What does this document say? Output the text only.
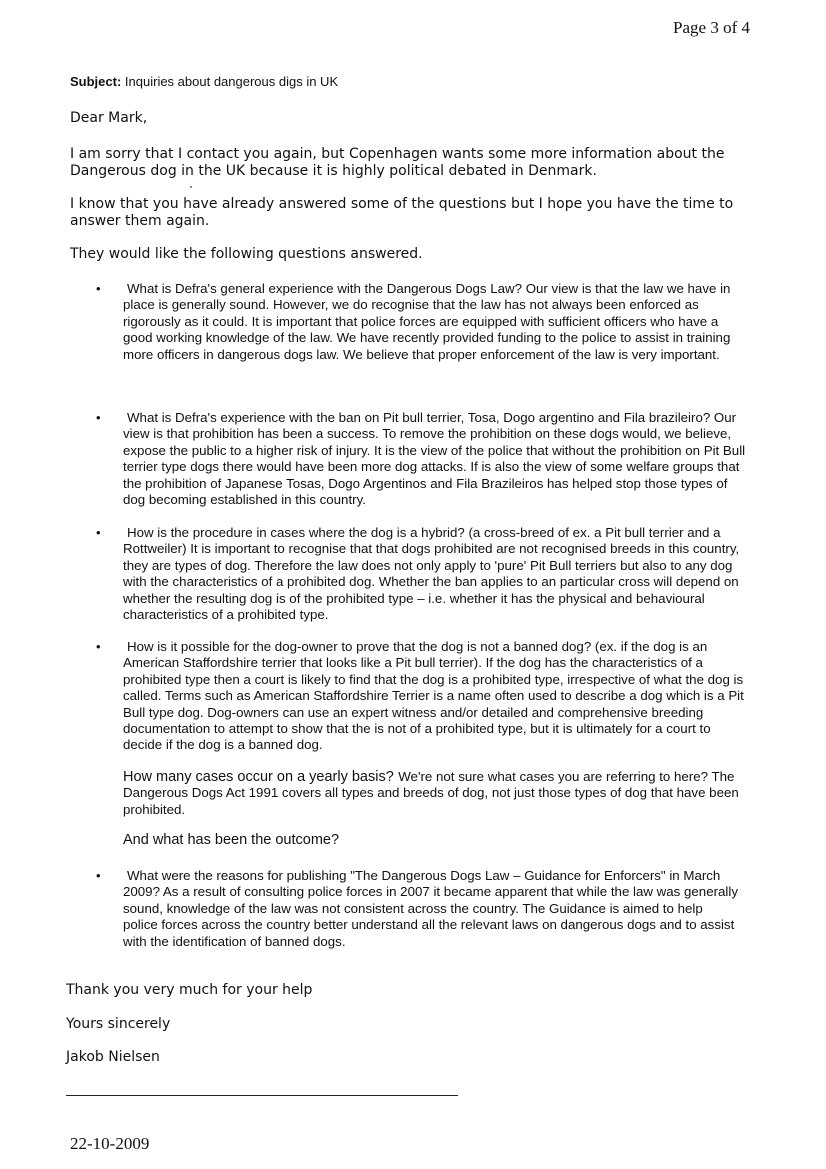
Page 3 of 4
Subject: Inquiries about dangerous digs in UK
Dear Mark,
I am sorry that I contact you again, but Copenhagen wants some more information about the Dangerous dog in the UK because it is highly political debated in Denmark.
I know that you have already answered some of the questions but I hope you have the time to answer them again.
They would like the following questions answered.
•	What is Defra's general experience with the Dangerous Dogs Law? Our view is that the law we have in place is generally sound. However, we do recognise that the law has not always been enforced as rigorously as it could. It is important that police forces are equipped with sufficient officers who have a good working knowledge of the law. We have recently provided funding to the police to assist in training more officers in dangerous dogs law. We believe that proper enforcement of the law is very important.
•	What is Defra's experience with the ban on Pit bull terrier, Tosa, Dogo argentino and Fila brazileiro? Our view is that prohibition has been a success. To remove the prohibition on these dogs would, we believe, expose the public to a higher risk of injury. It is the view of the police that without the prohibition on Pit Bull terrier type dogs there would have been more dog attacks. If is also the view of some welfare groups that the prohibition of Japanese Tosas, Dogo Argentinos and Fila Brazileiros has helped stop those types of dog becoming established in this country.
•	How is the procedure in cases where the dog is a hybrid? (a cross-breed of ex. a Pit bull terrier and a Rottweiler) It is important to recognise that that dogs prohibited are not recognised breeds in this country, they are types of dog. Therefore the law does not only apply to 'pure' Pit Bull terriers but also to any dog with the characteristics of a prohibited dog. Whether the ban applies to an particular cross will depend on whether the resulting dog is of the prohibited type – i.e. whether it has the physical and behavioural characteristics of a prohibited type.
•	How is it possible for the dog-owner to prove that the dog is not a banned dog? (ex. if the dog is an American Staffordshire terrier that looks like a Pit bull terrier). If the dog has the characteristics of a prohibited type then a court is likely to find that the dog is a prohibited type, irrespective of what the dog is called. Terms such as American Staffordshire Terrier is a name often used to describe a dog which is a Pit Bull type dog. Dog-owners can use an expert witness and/or detailed and comprehensive breeding documentation to attempt to show that the is not of a prohibited type, but it is ultimately for a court to decide if the dog is a banned dog.
How many cases occur on a yearly basis? We're not sure what cases you are referring to here? The Dangerous Dogs Act 1991 covers all types and breeds of dog, not just those types of dog that have been prohibited.
And what has been the outcome?
•	What were the reasons for publishing "The Dangerous Dogs Law – Guidance for Enforcers" in March 2009? As a result of consulting police forces in 2007 it became apparent that while the law was generally sound, knowledge of the law was not consistent across the country. The Guidance is aimed to help police forces across the country better understand all the relevant laws on dangerous dogs and to assist with the identification of banned dogs.
Thank you very much for your help
Yours sincerely
Jakob Nielsen
22-10-2009
